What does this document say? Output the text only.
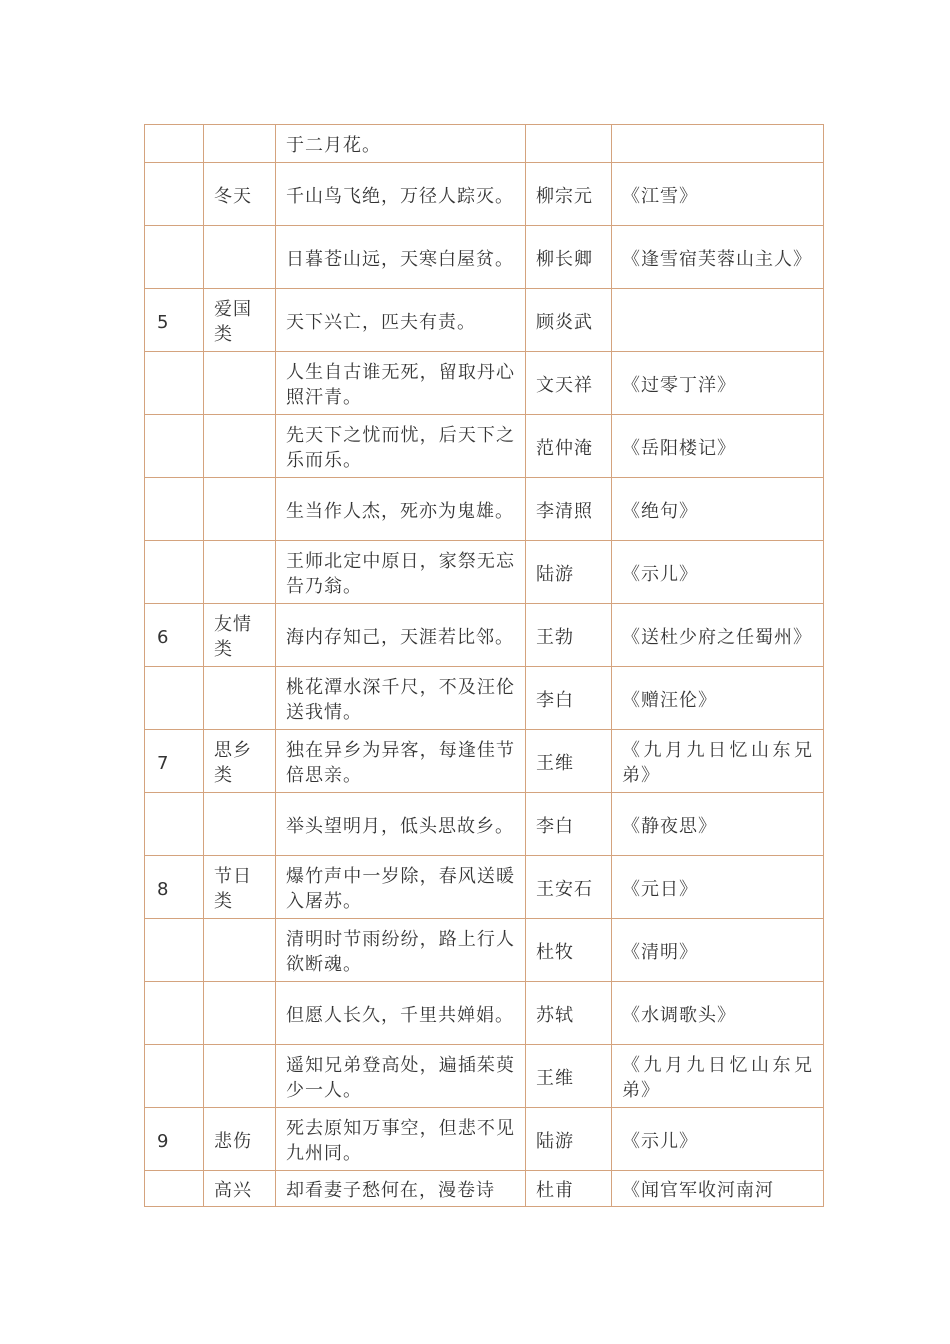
		于二月花。		
	冬天	千山鸟飞绝，万径人踪灭。	柳宗元	《江雪》
		日暮苍山远，天寒白屋贫。	柳长卿	《逢雪宿芙蓉山主人》
5	爱国类	天下兴亡，匹夫有责。	顾炎武	
		人生自古谁无死，留取丹心照汗青。	文天祥	《过零丁洋》
		先天下之忧而忧，后天下之乐而乐。	范仲淹	《岳阳楼记》
		生当作人杰，死亦为鬼雄。	李清照	《绝句》
		王师北定中原日，家祭无忘告乃翁。	陆游	《示儿》
6	友情类	海内存知己，天涯若比邻。	王勃	《送杜少府之任蜀州》
		桃花潭水深千尺，不及汪伦送我情。	李白	《赠汪伦》
7	思乡类	独在异乡为异客，每逢佳节倍思亲。	王维	《九月九日忆山东兄弟》
		举头望明月，低头思故乡。	李白	《静夜思》
8	节日类	爆竹声中一岁除，春风送暖入屠苏。	王安石	《元日》
		清明时节雨纷纷，路上行人欲断魂。	杜牧	《清明》
		但愿人长久，千里共婵娟。	苏轼	《水调歌头》
		遥知兄弟登高处，遍插茱萸少一人。	王维	《九月九日忆山东兄弟》
9	悲伤	死去原知万事空，但悲不见九州同。	陆游	《示儿》
	高兴	却看妻子愁何在，漫卷诗	杜甫	《闻官军收河南河
